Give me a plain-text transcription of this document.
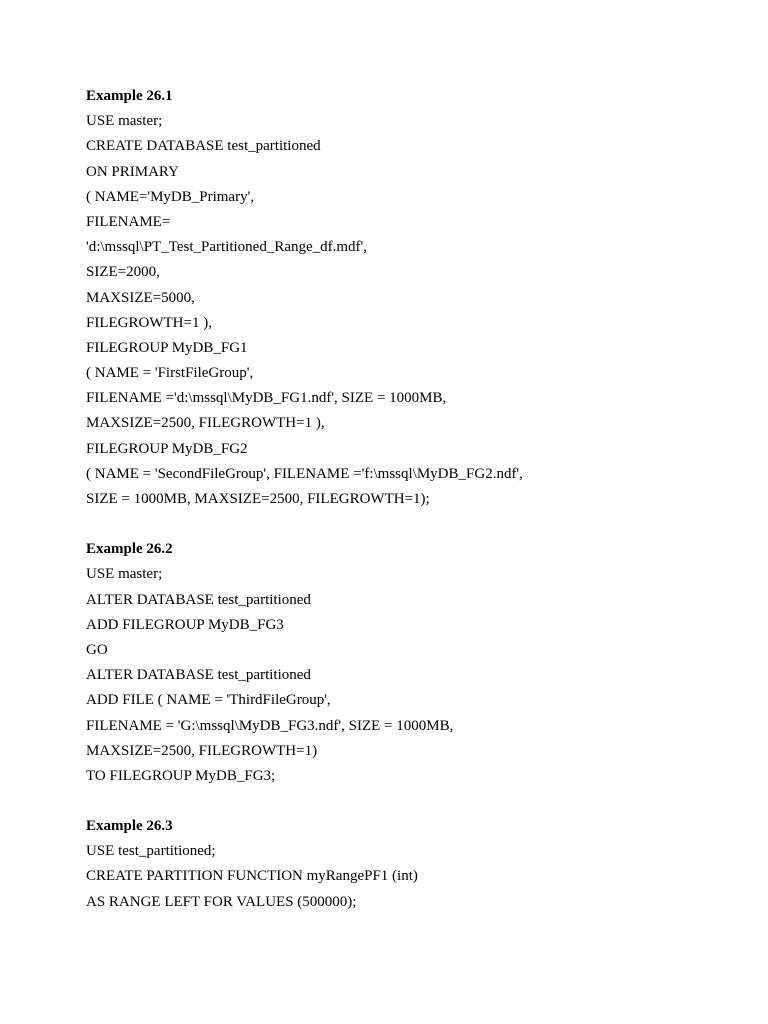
Example 26.1
USE master;
CREATE DATABASE test_partitioned
ON PRIMARY
( NAME='MyDB_Primary',
FILENAME=
'd:\mssql\PT_Test_Partitioned_Range_df.mdf',
SIZE=2000,
MAXSIZE=5000,
FILEGROWTH=1 ),
FILEGROUP MyDB_FG1
( NAME = 'FirstFileGroup',
FILENAME ='d:\mssql\MyDB_FG1.ndf', SIZE = 1000MB,
MAXSIZE=2500, FILEGROWTH=1 ),
FILEGROUP MyDB_FG2
( NAME = 'SecondFileGroup', FILENAME ='f:\mssql\MyDB_FG2.ndf',
SIZE = 1000MB, MAXSIZE=2500, FILEGROWTH=1);
Example 26.2
USE master;
ALTER DATABASE test_partitioned
ADD FILEGROUP MyDB_FG3
GO
ALTER DATABASE test_partitioned
ADD FILE ( NAME = 'ThirdFileGroup',
FILENAME = 'G:\mssql\MyDB_FG3.ndf', SIZE = 1000MB,
MAXSIZE=2500, FILEGROWTH=1)
TO FILEGROUP MyDB_FG3;
Example 26.3
USE test_partitioned;
CREATE PARTITION FUNCTION myRangePF1 (int)
AS RANGE LEFT FOR VALUES (500000);
